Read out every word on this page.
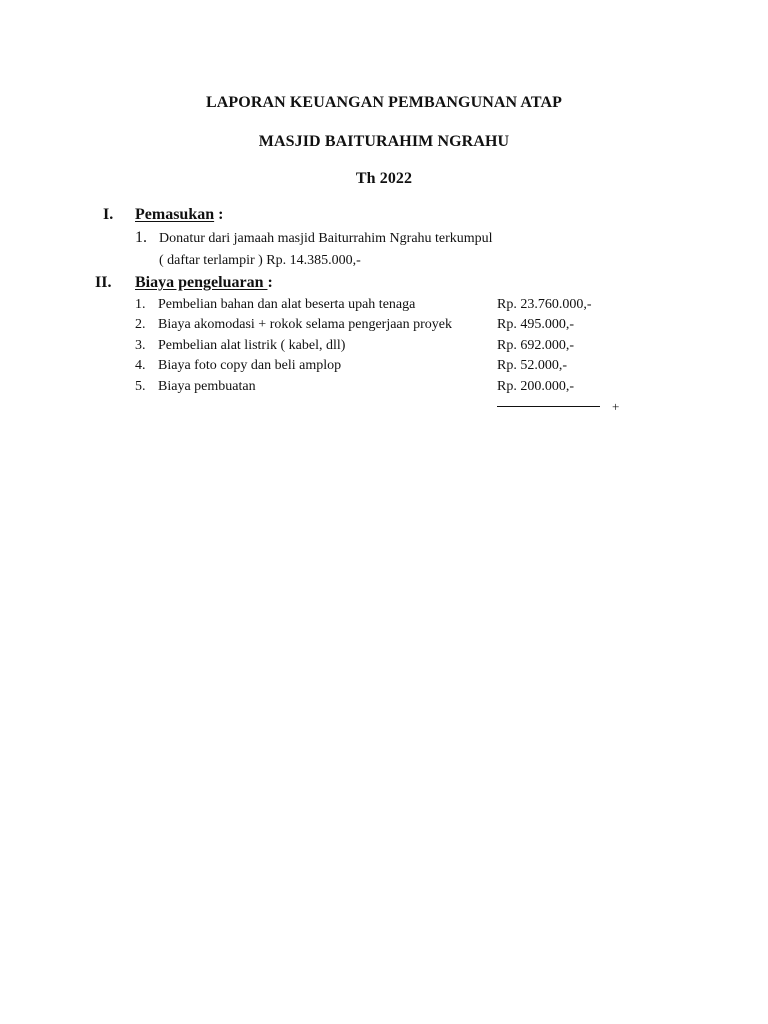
LAPORAN KEUANGAN PEMBANGUNAN ATAP
MASJID BAITURAHIM NGRAHU
Th 2022
I. Pemasukan :
1. Donatur dari jamaah masjid Baiturrahim Ngrahu terkumpul
( daftar terlampir ) Rp. 14.385.000,-
II. Biaya pengeluaran :
1. Pembelian bahan dan alat beserta upah tenaga	Rp. 23.760.000,-
2. Biaya akomodasi + rokok selama pengerjaan proyek	Rp. 495.000,-
3. Pembelian alat listrik ( kabel, dll)	Rp. 692.000,-
4. Biaya foto copy dan beli amplop	Rp. 52.000,-
5. Biaya pembuatan	Rp. 200.000,-
+
